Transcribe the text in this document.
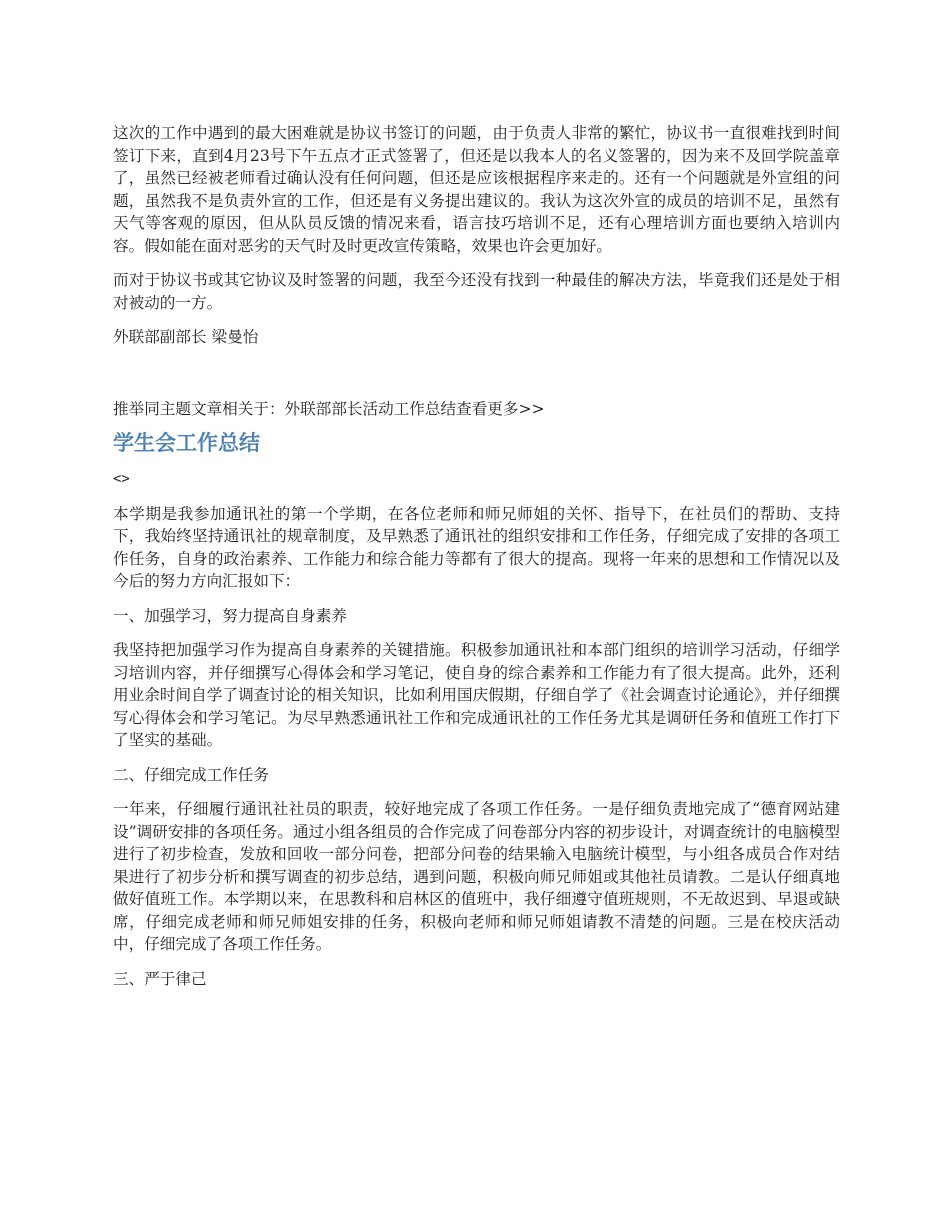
这次的工作中遇到的最大困难就是协议书签订的问题，由于负责人非常的繁忙，协议书一直很难找到时间签订下来，直到4月23号下午五点才正式签署了，但还是以我本人的名义签署的，因为来不及回学院盖章了，虽然已经被老师看过确认没有任何问题，但还是应该根据程序来走的。还有一个问题就是外宣组的问题，虽然我不是负责外宣的工作，但还是有义务提出建议的。我认为这次外宣的成员的培训不足，虽然有天气等客观的原因，但从队员反馈的情况来看，语言技巧培训不足，还有心理培训方面也要纳入培训内容。假如能在面对恶劣的天气时及时更改宣传策略，效果也许会更加好。

而对于协议书或其它协议及时签署的问题，我至今还没有找到一种最佳的解决方法，毕竟我们还是处于相对被动的一方。

外联部副部长 梁曼怡

推举同主题文章相关于：外联部部长活动工作总结查看更多>>

学生会工作总结

<>

本学期是我参加通讯社的第一个学期，在各位老师和师兄师姐的关怀、指导下，在社员们的帮助、支持下，我始终坚持通讯社的规章制度，及早熟悉了通讯社的组织安排和工作任务，仔细完成了安排的各项工作任务，自身的政治素养、工作能力和综合能力等都有了很大的提高。现将一年来的思想和工作情况以及今后的努力方向汇报如下：

一、加强学习，努力提高自身素养

我坚持把加强学习作为提高自身素养的关键措施。积极参加通讯社和本部门组织的培训学习活动，仔细学习培训内容，并仔细撰写心得体会和学习笔记，使自身的综合素养和工作能力有了很大提高。此外，还利用业余时间自学了调查讨论的相关知识，比如利用国庆假期，仔细自学了《社会调查讨论通论》，并仔细撰写心得体会和学习笔记。为尽早熟悉通讯社工作和完成通讯社的工作任务尤其是调研任务和值班工作打下了坚实的基础。

二、仔细完成工作任务

一年来，仔细履行通讯社社员的职责，较好地完成了各项工作任务。一是仔细负责地完成了“德育网站建设”调研安排的各项任务。通过小组各组员的合作完成了问卷部分内容的初步设计，对调查统计的电脑模型进行了初步检查，发放和回收一部分问卷，把部分问卷的结果输入电脑统计模型，与小组各成员合作对结果进行了初步分析和撰写调查的初步总结，遇到问题，积极向师兄师姐或其他社员请教。二是认仔细真地做好值班工作。本学期以来，在思教科和启林区的值班中，我仔细遵守值班规则，不无故迟到、早退或缺席，仔细完成老师和师兄师姐安排的任务，积极向老师和师兄师姐请教不清楚的问题。三是在校庆活动中，仔细完成了各项工作任务。

三、严于律己
